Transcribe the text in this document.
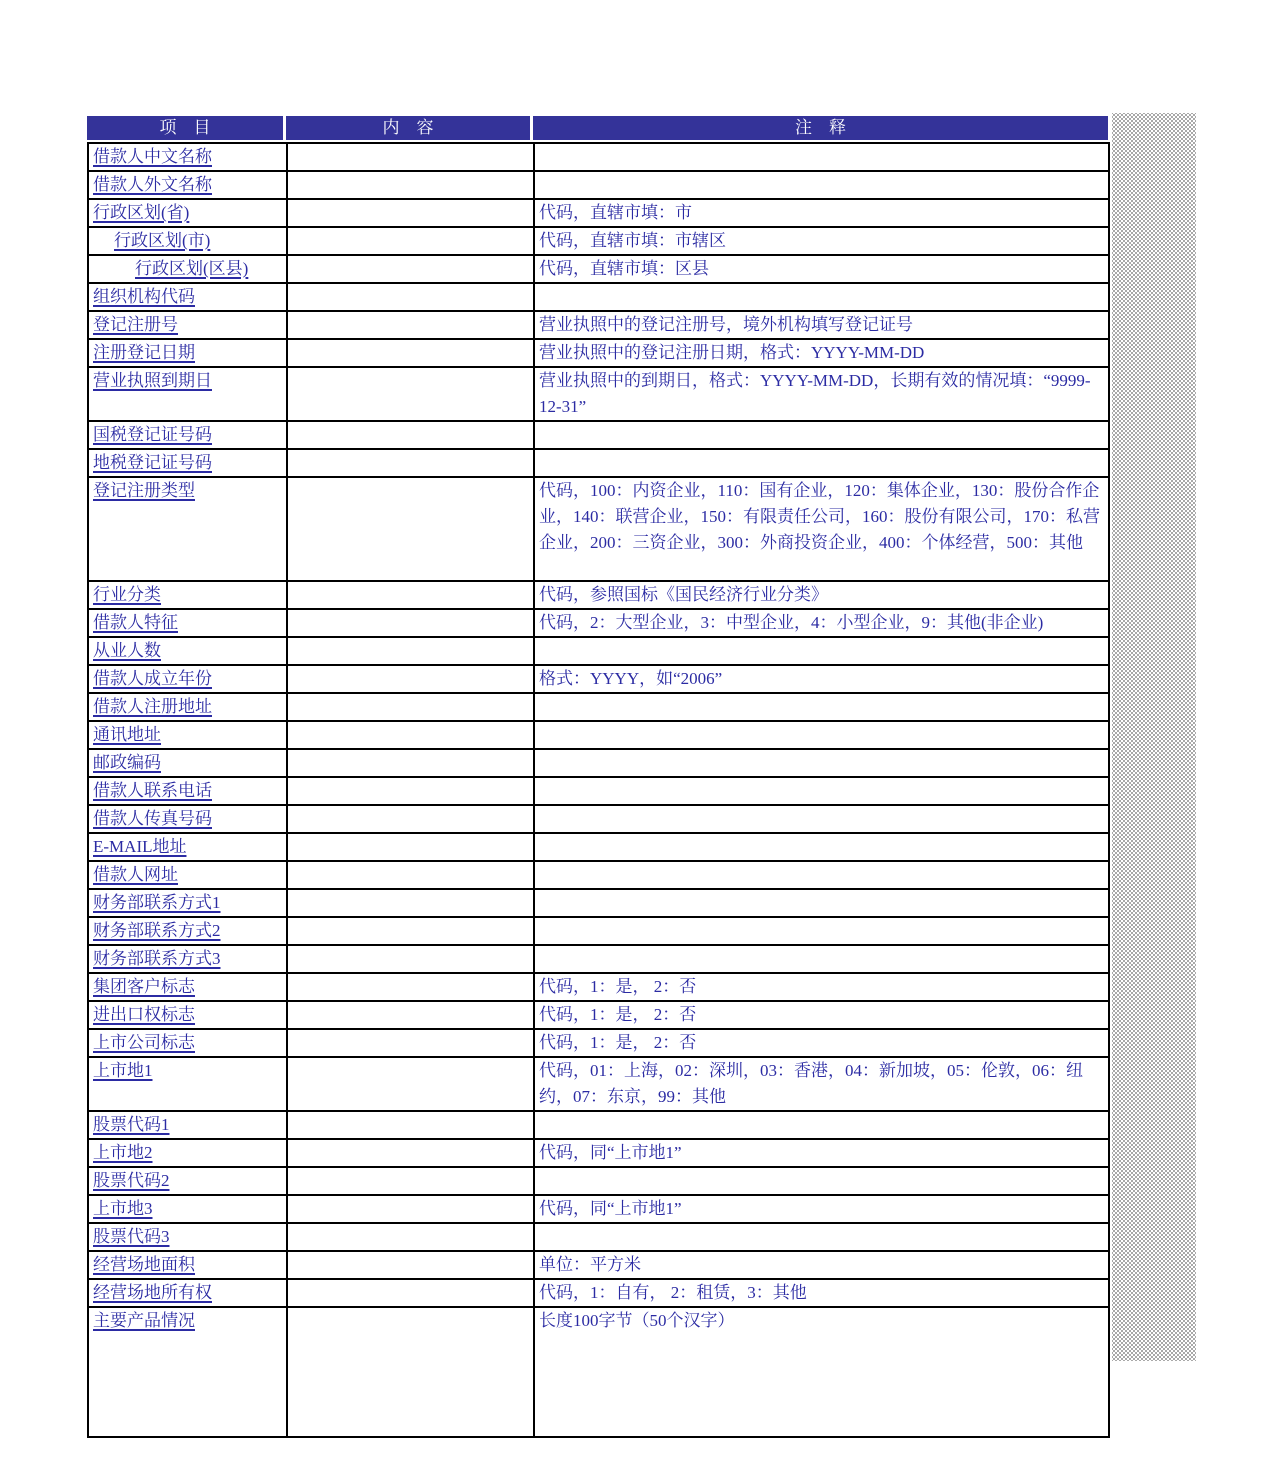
项　目	内　容	注　释
借款人中文名称		
借款人外文名称		
行政区划(省)		代码，直辖市填：市
行政区划(市)		代码，直辖市填：市辖区
行政区划(区县)		代码，直辖市填：区县
组织机构代码		
登记注册号		营业执照中的登记注册号，境外机构填写登记证号
注册登记日期		营业执照中的登记注册日期，格式：YYYY-MM-DD
营业执照到期日		营业执照中的到期日，格式：YYYY-MM-DD，长期有效的情况填：“9999-12-31”
国税登记证号码		
地税登记证号码		
登记注册类型		代码，100：内资企业，110：国有企业，120：集体企业，130：股份合作企业，140：联营企业，150：有限责任公司，160：股份有限公司，170：私营企业，200：三资企业，300：外商投资企业，400：个体经营，500：其他
行业分类		代码，参照国标《国民经济行业分类》
借款人特征		代码，2：大型企业，3：中型企业，4：小型企业，9：其他(非企业)
从业人数		
借款人成立年份		格式：YYYY，如“2006”
借款人注册地址		
通讯地址		
邮政编码		
借款人联系电话		
借款人传真号码		
E-MAIL地址		
借款人网址		
财务部联系方式1		
财务部联系方式2		
财务部联系方式3		
集团客户标志		代码，1：是， 2：否
进出口权标志		代码，1：是， 2：否
上市公司标志		代码，1：是， 2：否
上市地1		代码，01：上海，02：深圳，03：香港，04：新加坡，05：伦敦，06：纽约，07：东京，99：其他
股票代码1		
上市地2		代码，同“上市地1”
股票代码2		
上市地3		代码，同“上市地1”
股票代码3		
经营场地面积		单位：平方米
经营场地所有权		代码，1：自有， 2：租赁，3：其他
主要产品情况		长度100字节（50个汉字）
